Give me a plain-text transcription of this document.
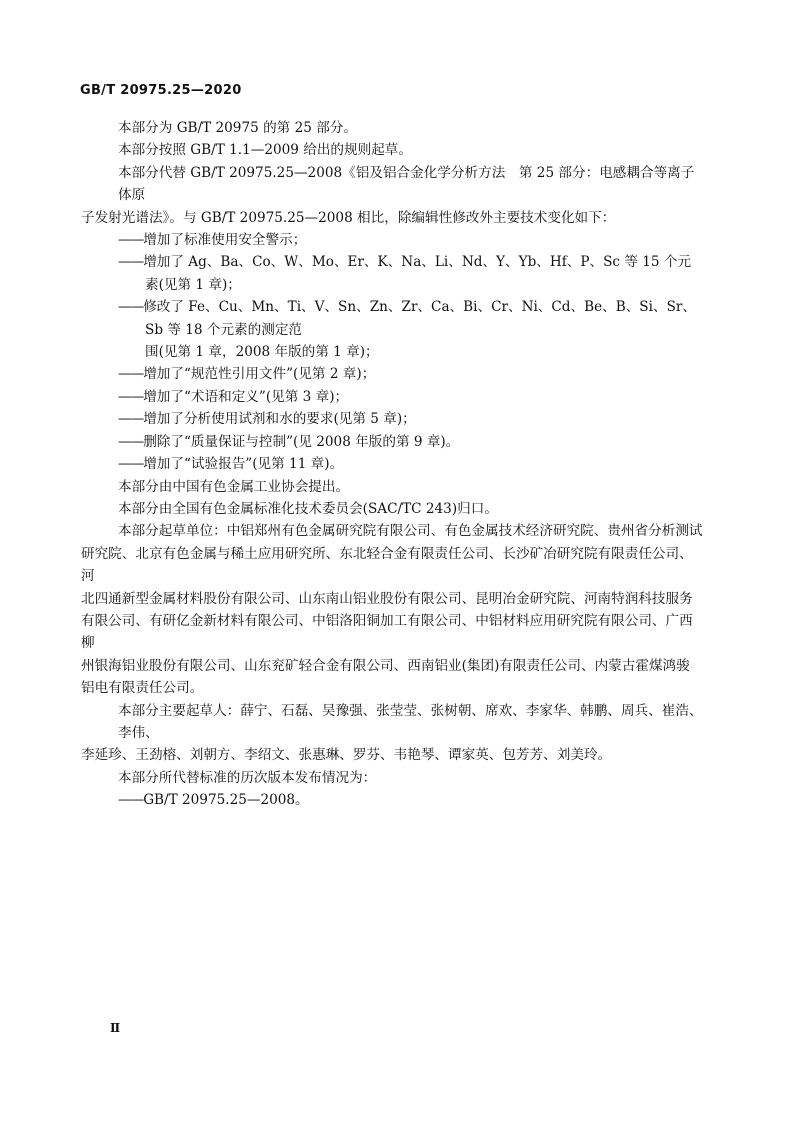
GB/T 20975.25—2020

本部分为 GB/T 20975 的第 25 部分。

本部分按照 GB/T 1.1—2009 给出的规则起草。

本部分代替 GB/T 20975.25—2008《铝及铝合金化学分析方法　第 25 部分：电感耦合等离子体原

子发射光谱法》。与 GB/T 20975.25—2008 相比，除编辑性修改外主要技术变化如下：

—— 增加了标准使用安全警示；

—— 增加了 Ag、Ba、Co、W、Mo、Er、K、Na、Li、Nd、Y、Yb、Hf、P、Sc 等 15 个元素(见第 1 章)；

—— 修改了 Fe、Cu、Mn、Ti、V、Sn、Zn、Zr、Ca、Bi、Cr、Ni、Cd、Be、B、Si、Sr、Sb 等 18 个元素的测定范

围(见第 1 章，2008 年版的第 1 章)；

—— 增加了“规范性引用文件”(见第 2 章)；

—— 增加了“术语和定义”(见第 3 章)；

—— 增加了分析使用试剂和水的要求(见第 5 章)；

—— 删除了“质量保证与控制”(见 2008 年版的第 9 章)。

—— 增加了“试验报告”(见第 11 章)。

本部分由中国有色金属工业协会提出。

本部分由全国有色金属标准化技术委员会(SAC/TC 243)归口。

本部分起草单位：中铝郑州有色金属研究院有限公司、有色金属技术经济研究院、贵州省分析测试

研究院、北京有色金属与稀土应用研究所、东北轻合金有限责任公司、长沙矿冶研究院有限责任公司、河

北四通新型金属材料股份有限公司、山东南山铝业股份有限公司、昆明冶金研究院、河南特润科技服务

有限公司、有研亿金新材料有限公司、中铝洛阳铜加工有限公司、中铝材料应用研究院有限公司、广西柳

州银海铝业股份有限公司、山东兖矿轻合金有限公司、西南铝业(集团)有限责任公司、内蒙古霍煤鸿骏

铝电有限责任公司。

本部分主要起草人：薛宁、石磊、吴豫强、张莹莹、张树朝、席欢、李家华、韩鹏、周兵、崔浩、李伟、

李延珍、王劲榕、刘朝方、李绍文、张惠琳、罗芬、韦艳琴、谭家英、包芳芳、刘美玲。

本部分所代替标准的历次版本发布情况为：

—— GB/T 20975.25—2008。

Ⅱ
